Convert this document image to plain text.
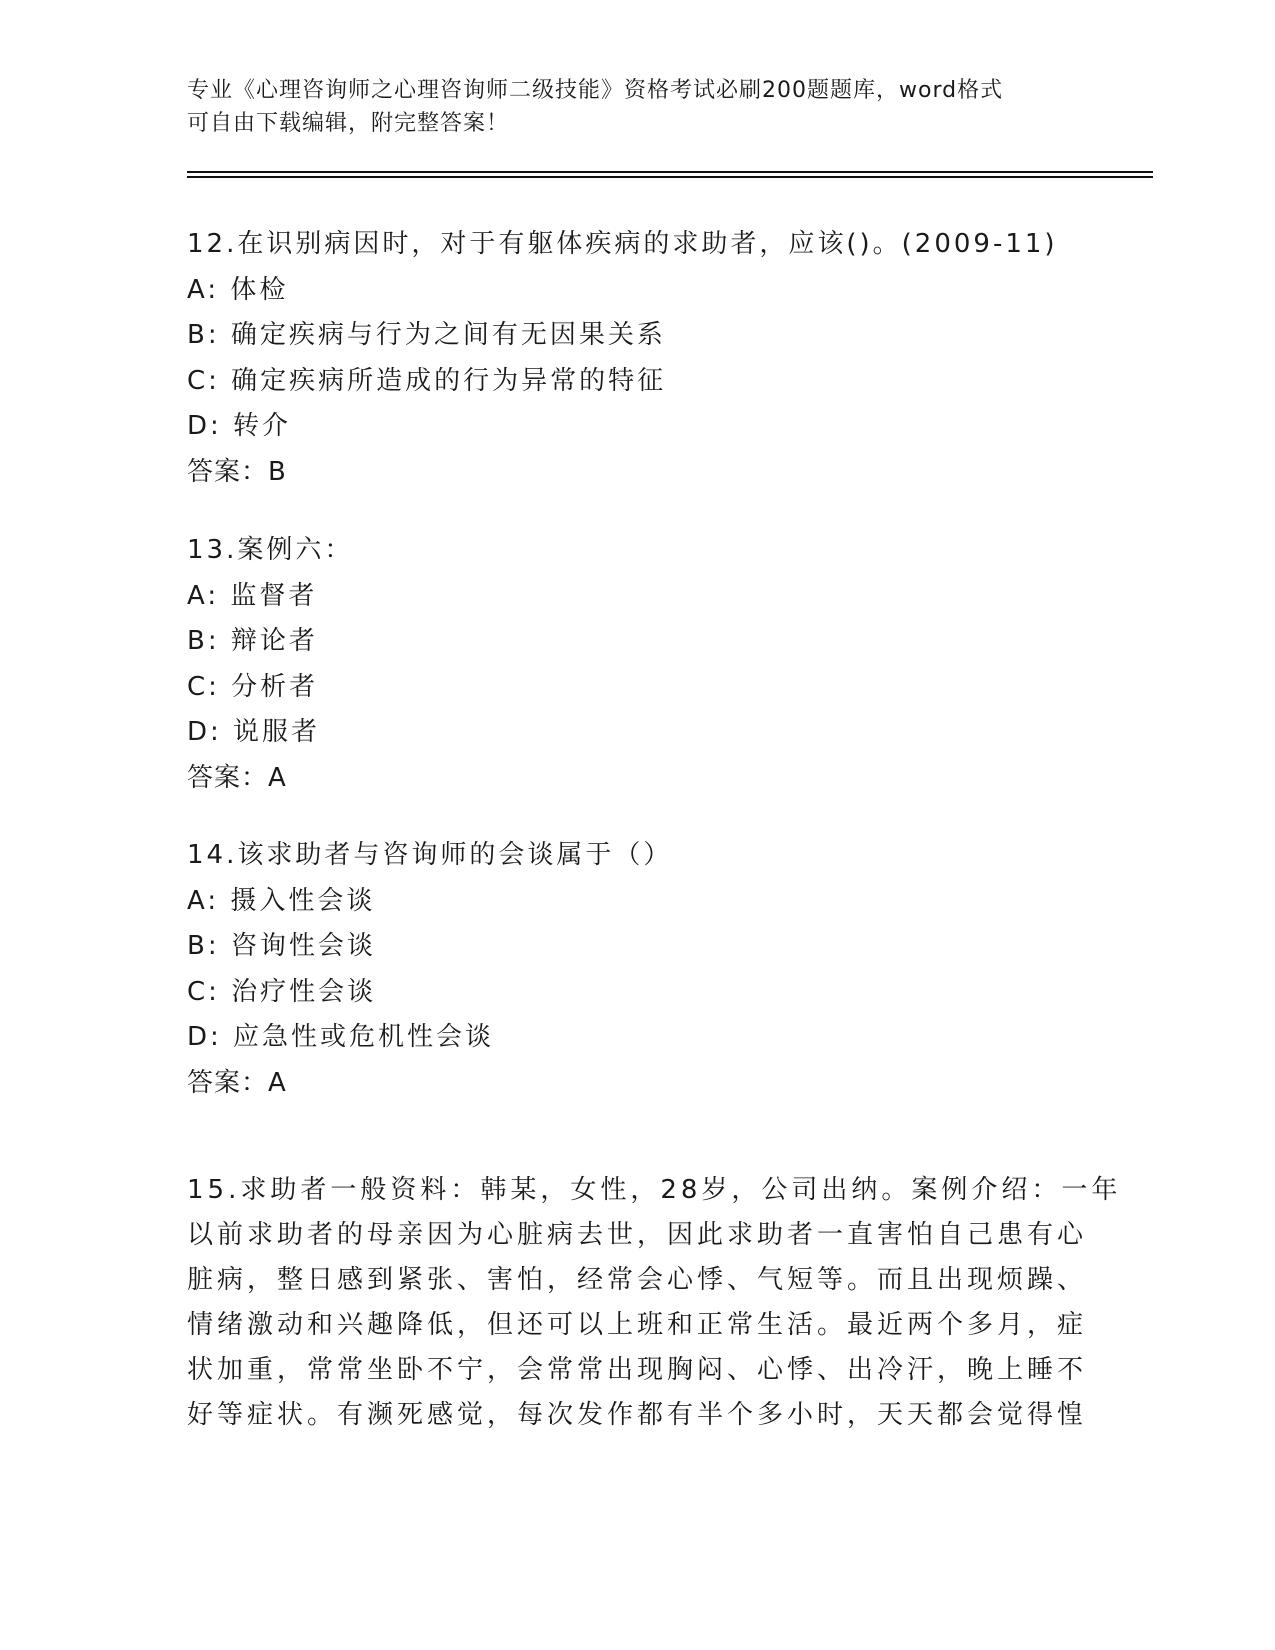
专业《心理咨询师之心理咨询师二级技能》资格考试必刷200题题库，word格式
可自由下载编辑，附完整答案！
12.在识别病因时，对于有躯体疾病的求助者，应该()。(2009-11)
A: 体检
B: 确定疾病与行为之间有无因果关系
C: 确定疾病所造成的行为异常的特征
D: 转介
答案：B
13.案例六：
A: 监督者
B: 辩论者
C: 分析者
D: 说服者
答案：A
14.该求助者与咨询师的会谈属于（）
A: 摄入性会谈
B: 咨询性会谈
C: 治疗性会谈
D: 应急性或危机性会谈
答案：A
15.求助者一般资料：韩某，女性，28岁，公司出纳。案例介绍：一年
以前求助者的母亲因为心脏病去世，因此求助者一直害怕自己患有心
脏病，整日感到紧张、害怕，经常会心悸、气短等。而且出现烦躁、
情绪激动和兴趣降低，但还可以上班和正常生活。最近两个多月，症
状加重，常常坐卧不宁，会常常出现胸闷、心悸、出冷汗，晚上睡不
好等症状。有濒死感觉，每次发作都有半个多小时，天天都会觉得惶
